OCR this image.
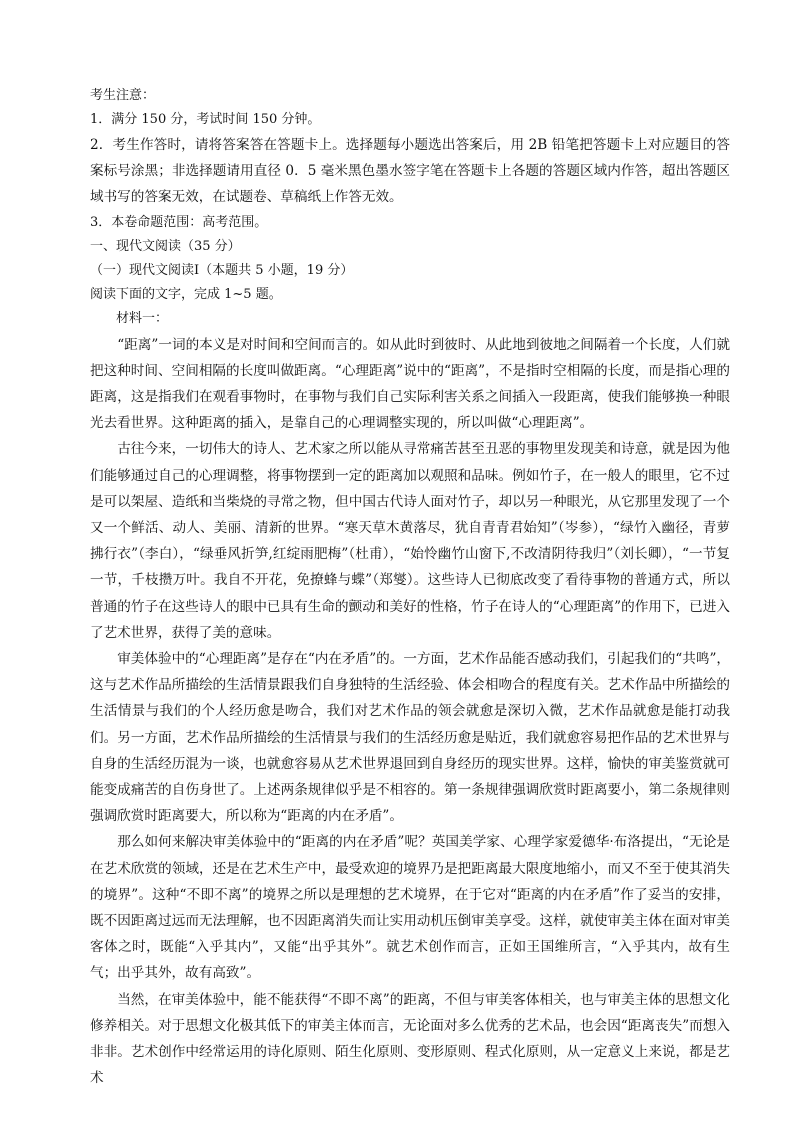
考生注意：
1．满分 150 分，考试时间 150 分钟。

2．考生作答时，请将答案答在答题卡上。选择题每小题选出答案后，用 2B 铅笔把答题卡上对应题目的答案标号涂黑；非选择题请用直径 0．5 毫米黑色墨水签字笔在答题卡上各题的答题区域内作答，超出答题区域书写的答案无效，在试题卷、草稿纸上作答无效。

3．本卷命题范围：高考范围。
一、现代文阅读（35 分）
（一）现代文阅读Ⅰ（本题共 5 小题，19 分）
阅读下面的文字，完成 1~5 题。
材料一：

“距离”一词的本义是对时间和空间而言的。如从此时到彼时、从此地到彼地之间隔着一个长度，人们就把这种时间、空间相隔的长度叫做距离。“心理距离”说中的“距离”，不是指时空相隔的长度，而是指心理的距离，这是指我们在观看事物时，在事物与我们自己实际利害关系之间插入一段距离，使我们能够换一种眼光去看世界。这种距离的插入，是靠自己的心理调整实现的，所以叫做“心理距离”。

古往今来，一切伟大的诗人、艺术家之所以能从寻常痛苦甚至丑恶的事物里发现美和诗意，就是因为他们能够通过自己的心理调整，将事物摆到一定的距离加以观照和品味。例如竹子，在一般人的眼里，它不过是可以架屋、造纸和当柴烧的寻常之物，但中国古代诗人面对竹子，却以另一种眼光，从它那里发现了一个又一个鲜活、动人、美丽、清新的世界。“寒天草木黄落尽，犹自青青君始知”（岑参），“绿竹入幽径，青萝拂行衣”（李白），“绿垂风折笋,红绽雨肥梅”（杜甫），“始怜幽竹山窗下,不改清阴待我归”（刘长卿），“一节复一节，千枝攒万叶。我自不开花，免撩蜂与蝶”（郑燮）。这些诗人已彻底改变了看待事物的普通方式，所以普通的竹子在这些诗人的眼中已具有生命的颤动和美好的性格，竹子在诗人的“心理距离”的作用下，已进入了艺术世界，获得了美的意味。

审美体验中的“心理距离”是存在“内在矛盾”的。一方面，艺术作品能否感动我们，引起我们的“共鸣”，这与艺术作品所描绘的生活情景跟我们自身独特的生活经验、体会相吻合的程度有关。艺术作品中所描绘的生活情景与我们的个人经历愈是吻合，我们对艺术作品的领会就愈是深切入微，艺术作品就愈是能打动我们。另一方面，艺术作品所描绘的生活情景与我们的生活经历愈是贴近，我们就愈容易把作品的艺术世界与自身的生活经历混为一谈，也就愈容易从艺术世界退回到自身经历的现实世界。这样，愉快的审美鉴赏就可能变成痛苦的自伤身世了。上述两条规律似乎是不相容的。第一条规律强调欣赏时距离要小，第二条规律则强调欣赏时距离要大，所以称为“距离的内在矛盾”。

那么如何来解决审美体验中的“距离的内在矛盾”呢？英国美学家、心理学家爱德华·布洛提出，“无论是在艺术欣赏的领域，还是在艺术生产中，最受欢迎的境界乃是把距离最大限度地缩小，而又不至于使其消失的境界”。这种“不即不离”的境界之所以是理想的艺术境界，在于它对“距离的内在矛盾”作了妥当的安排，既不因距离过远而无法理解，也不因距离消失而让实用动机压倒审美享受。这样，就使审美主体在面对审美客体之时，既能“入乎其内”，又能“出乎其外”。就艺术创作而言，正如王国维所言，“入乎其内，故有生气；出乎其外，故有高致”。

当然，在审美体验中，能不能获得“不即不离”的距离，不但与审美客体相关，也与审美主体的思想文化修养相关。对于思想文化极其低下的审美主体而言，无论面对多么优秀的艺术品，也会因“距离丧失”而想入非非。艺术创作中经常运用的诗化原则、陌生化原则、变形原则、程式化原则，从一定意义上来说，都是艺术
